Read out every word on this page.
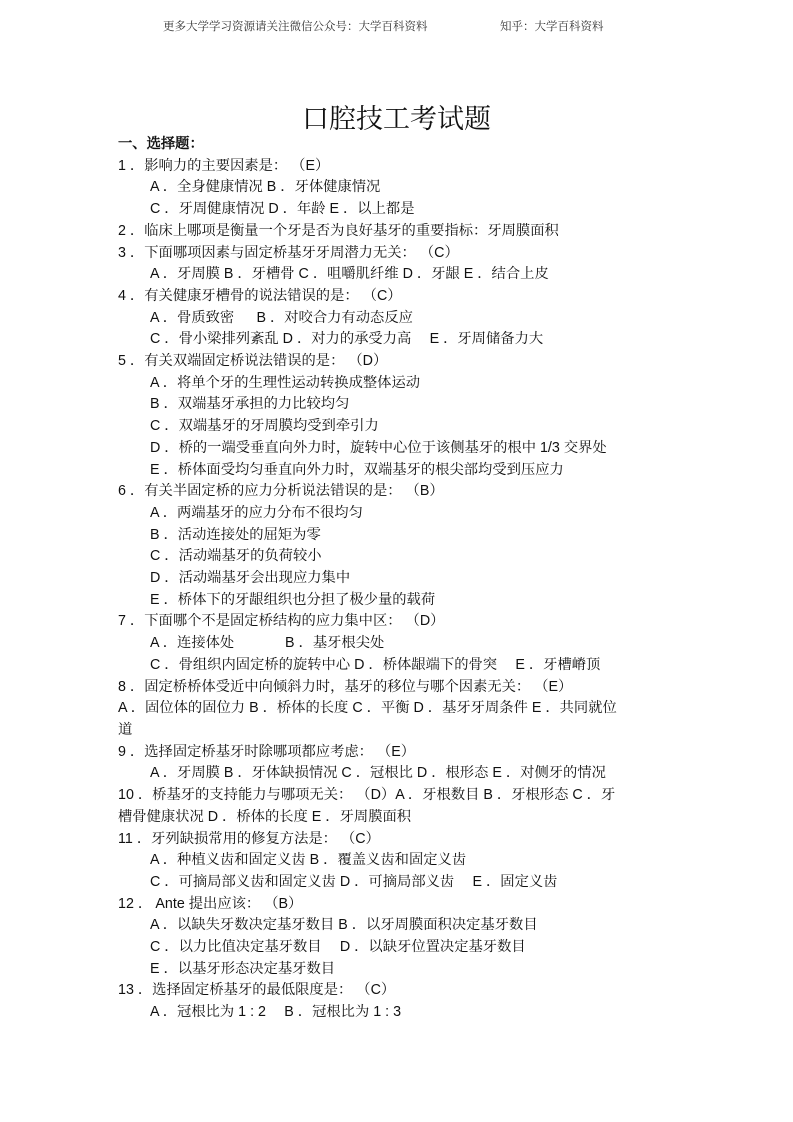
更多大学学习资源请关注微信公众号：大学百科资料	知乎：大学百科资料
口腔技工考试题
一、选择题：
1 ．影响力的主要因素是： （E）
A ．全身健康情况 B ．牙体健康情况
C ．牙周健康情况 D ．年龄 E ．以上都是
2 ．临床上哪项是衡量一个牙是否为良好基牙的重要指标：牙周膜面积
3 ．下面哪项因素与固定桥基牙牙周潜力无关： （C）
A ．牙周膜 B ．牙槽骨 C ．咀嚼肌纤维 D ．牙龈 E ．结合上皮
4 ．有关健康牙槽骨的说法错误的是： （C）
A ．骨质致密 　 B ．对咬合力有动态反应
C ．骨小梁排列紊乱 D ．对力的承受力高 　E ．牙周储备力大
5 ．有关双端固定桥说法错误的是： （D）
A ．将单个牙的生理性运动转换成整体运动
B ．双端基牙承担的力比较均匀
C ．双端基牙的牙周膜均受到牵引力
D ．桥的一端受垂直向外力时，旋转中心位于该侧基牙的根中 1/3 交界处
E ．桥体面受均匀垂直向外力时，双端基牙的根尖部均受到压应力
6 ．有关半固定桥的应力分析说法错误的是： （B）
A ．两端基牙的应力分布不很均匀
B ．活动连接处的屈矩为零
C ．活动端基牙的负荷较小
D ．活动端基牙会出现应力集中
E ．桥体下的牙龈组织也分担了极少量的载荷
7 ．下面哪个不是固定桥结构的应力集中区： （D）
A ．连接体处 　　　 B ．基牙根尖处
C ．骨组织内固定桥的旋转中心 D ．桥体龈端下的骨突 　E ．牙槽嵴顶
8 ．固定桥桥体受近中向倾斜力时，基牙的移位与哪个因素无关： （E）
A ．固位体的固位力 B ．桥体的长度 C ．平衡 D ．基牙牙周条件 E ．共同就位
道
9 ．选择固定桥基牙时除哪项都应考虑： （E）
A ．牙周膜 B ．牙体缺损情况 C ．冠根比 D ．根形态 E ．对侧牙的情况
10 ．桥基牙的支持能力与哪项无关： （D）A ．牙根数目 B ．牙根形态 C ．牙
槽骨健康状况 D ．桥体的长度 E ．牙周膜面积
11 ．牙列缺损常用的修复方法是： （C）
A ．种植义齿和固定义齿 B ．覆盖义齿和固定义齿
C ．可摘局部义齿和固定义齿 D ．可摘局部义齿 　E ．固定义齿
12 ． Ante 提出应该： （B）
A ．以缺失牙数决定基牙数目 B ．以牙周膜面积决定基牙数目
C ．以力比值决定基牙数目 　D ．以缺牙位置决定基牙数目
E ．以基牙形态决定基牙数目
13 ．选择固定桥基牙的最低限度是： （C）
A ．冠根比为 1 : 2 　B ．冠根比为 1 : 3
